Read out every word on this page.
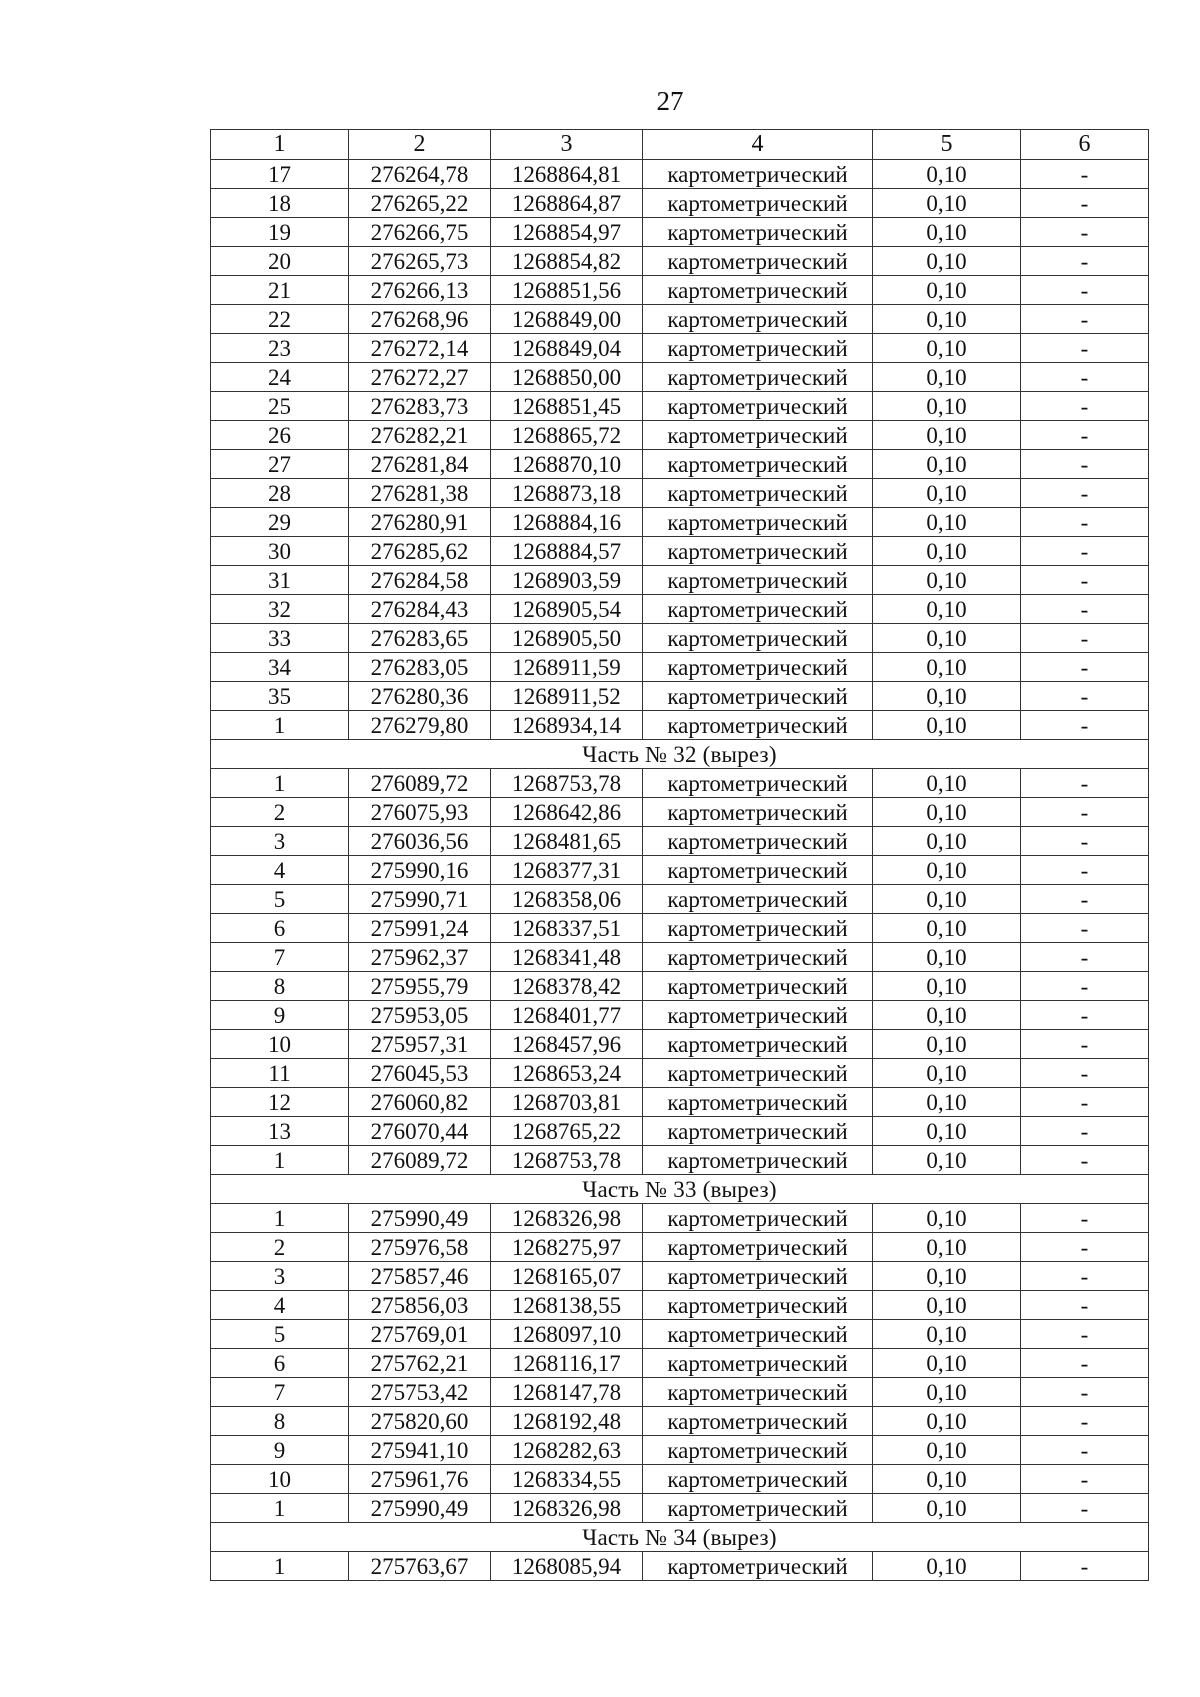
27
1	2	3	4	5	6
17	276264,78	1268864,81	картометрический	0,10	-
18	276265,22	1268864,87	картометрический	0,10	-
19	276266,75	1268854,97	картометрический	0,10	-
20	276265,73	1268854,82	картометрический	0,10	-
21	276266,13	1268851,56	картометрический	0,10	-
22	276268,96	1268849,00	картометрический	0,10	-
23	276272,14	1268849,04	картометрический	0,10	-
24	276272,27	1268850,00	картометрический	0,10	-
25	276283,73	1268851,45	картометрический	0,10	-
26	276282,21	1268865,72	картометрический	0,10	-
27	276281,84	1268870,10	картометрический	0,10	-
28	276281,38	1268873,18	картометрический	0,10	-
29	276280,91	1268884,16	картометрический	0,10	-
30	276285,62	1268884,57	картометрический	0,10	-
31	276284,58	1268903,59	картометрический	0,10	-
32	276284,43	1268905,54	картометрический	0,10	-
33	276283,65	1268905,50	картометрический	0,10	-
34	276283,05	1268911,59	картометрический	0,10	-
35	276280,36	1268911,52	картометрический	0,10	-
1	276279,80	1268934,14	картометрический	0,10	-
Часть № 32 (вырез)					
1	276089,72	1268753,78	картометрический	0,10	-
2	276075,93	1268642,86	картометрический	0,10	-
3	276036,56	1268481,65	картометрический	0,10	-
4	275990,16	1268377,31	картометрический	0,10	-
5	275990,71	1268358,06	картометрический	0,10	-
6	275991,24	1268337,51	картометрический	0,10	-
7	275962,37	1268341,48	картометрический	0,10	-
8	275955,79	1268378,42	картометрический	0,10	-
9	275953,05	1268401,77	картометрический	0,10	-
10	275957,31	1268457,96	картометрический	0,10	-
11	276045,53	1268653,24	картометрический	0,10	-
12	276060,82	1268703,81	картометрический	0,10	-
13	276070,44	1268765,22	картометрический	0,10	-
1	276089,72	1268753,78	картометрический	0,10	-
Часть № 33 (вырез)					
1	275990,49	1268326,98	картометрический	0,10	-
2	275976,58	1268275,97	картометрический	0,10	-
3	275857,46	1268165,07	картометрический	0,10	-
4	275856,03	1268138,55	картометрический	0,10	-
5	275769,01	1268097,10	картометрический	0,10	-
6	275762,21	1268116,17	картометрический	0,10	-
7	275753,42	1268147,78	картометрический	0,10	-
8	275820,60	1268192,48	картометрический	0,10	-
9	275941,10	1268282,63	картометрический	0,10	-
10	275961,76	1268334,55	картометрический	0,10	-
1	275990,49	1268326,98	картометрический	0,10	-
Часть № 34 (вырез)					
1	275763,67	1268085,94	картометрический	0,10	-
·
